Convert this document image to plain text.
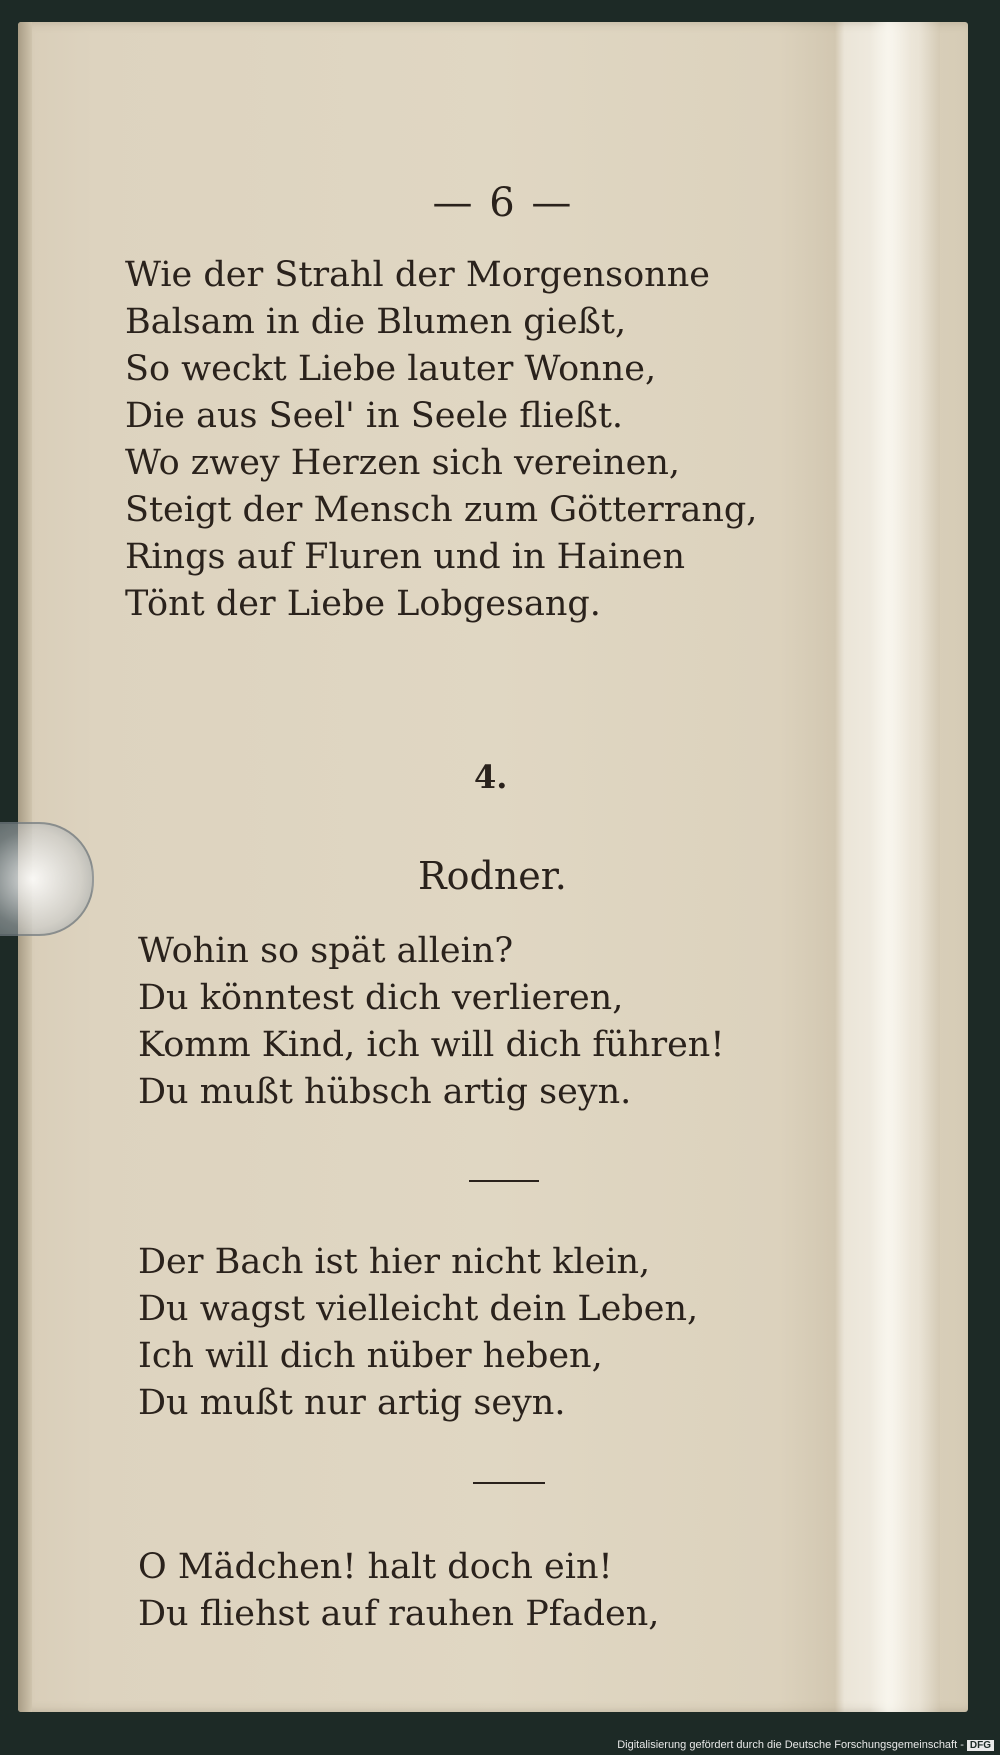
— 6 —
Wie der Strahl der Morgensonne
Balsam in die Blumen gießt,
So weckt Liebe lauter Wonne,
Die aus Seel' in Seele fließt.
Wo zwey Herzen sich vereinen,
Steigt der Mensch zum Götterrang,
Rings auf Fluren und in Hainen
Tönt der Liebe Lobgesang.
4.
Rodner.
Wohin so spät allein?
Du könntest dich verlieren,
Komm Kind, ich will dich führen!
Du mußt hübsch artig seyn.
Der Bach ist hier nicht klein,
Du wagst vielleicht dein Leben,
Ich will dich nüber heben,
Du mußt nur artig seyn.
O Mädchen! halt doch ein!
Du fliehst auf rauhen Pfaden,
Digitalisierung gefördert durch die Deutsche Forschungsgemeinschaft - DFG
